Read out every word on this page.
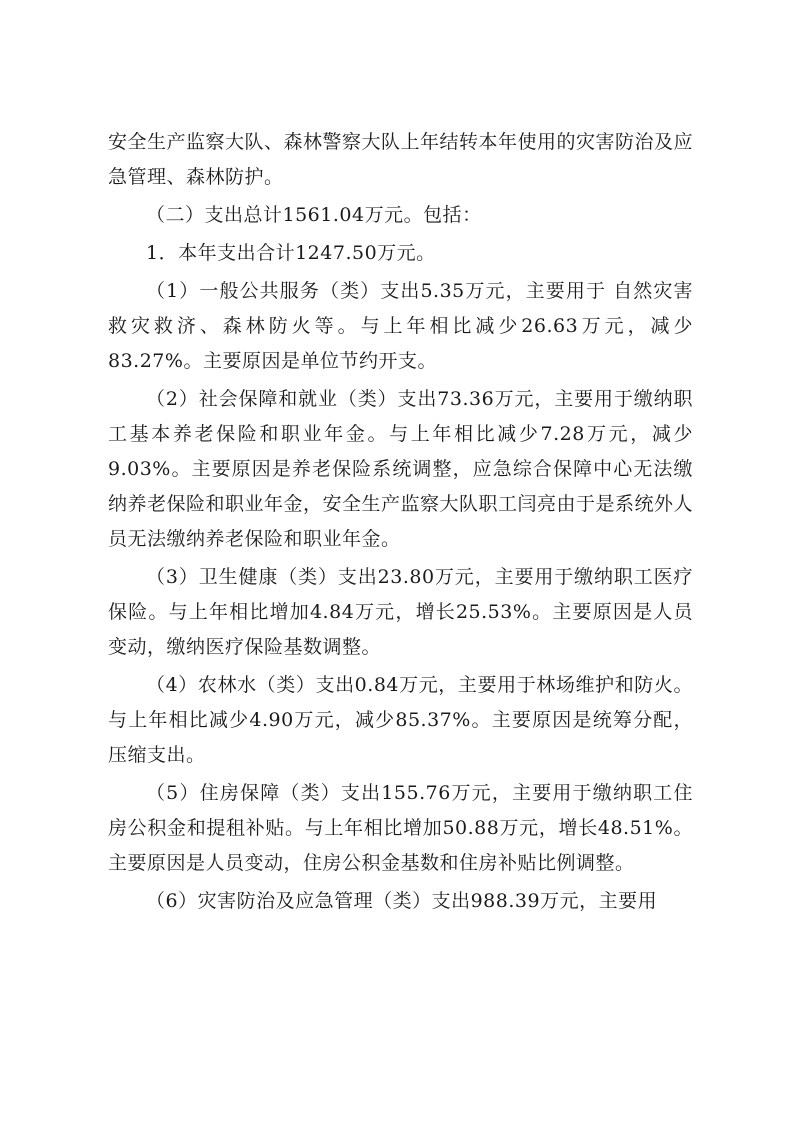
安全生产监察大队、森林警察大队上年结转本年使用的灾害防治及应急管理、森林防护。

（二）支出总计1561.04万元。包括：

1．本年支出合计1247.50万元。

（1）一般公共服务（类）支出5.35万元，主要用于 自然灾害救灾救济、森林防火等。与上年相比减少26.63万元，减少83.27%。主要原因是单位节约开支。

（2）社会保障和就业（类）支出73.36万元，主要用于缴纳职工基本养老保险和职业年金。与上年相比减少7.28万元，减少9.03%。主要原因是养老保险系统调整，应急综合保障中心无法缴纳养老保险和职业年金，安全生产监察大队职工闫亮由于是系统外人员无法缴纳养老保险和职业年金。

（3）卫生健康（类）支出23.80万元，主要用于缴纳职工医疗保险。与上年相比增加4.84万元，增长25.53%。主要原因是人员变动，缴纳医疗保险基数调整。

（4）农林水（类）支出0.84万元，主要用于林场维护和防火。与上年相比减少4.90万元，减少85.37%。主要原因是统筹分配，压缩支出。

（5）住房保障（类）支出155.76万元，主要用于缴纳职工住房公积金和提租补贴。与上年相比增加50.88万元，增长48.51%。主要原因是人员变动，住房公积金基数和住房补贴比例调整。

（6）灾害防治及应急管理（类）支出988.39万元，主要用
